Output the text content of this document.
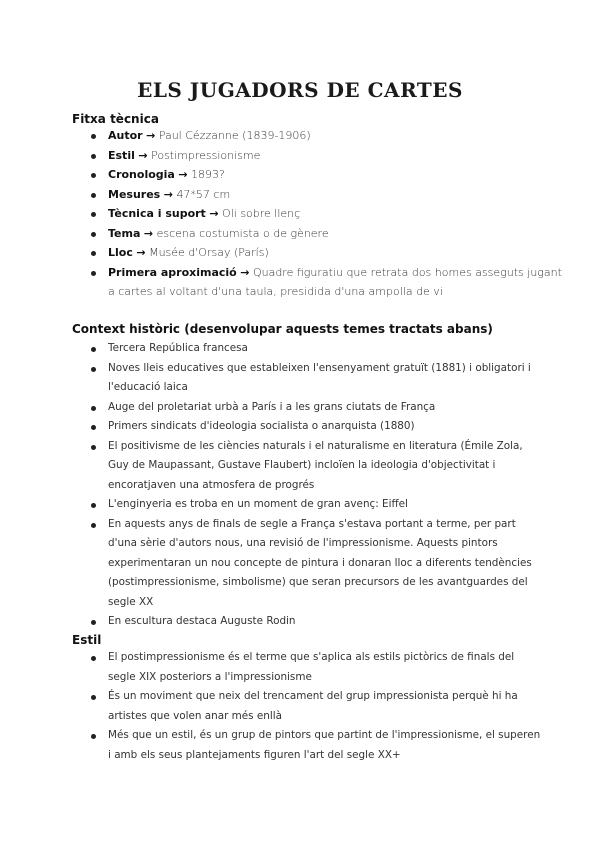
ELS JUGADORS DE CARTES
Fitxa tècnica
Autor → Paul Cézzanne (1839-1906)
Estil → Postimpressionisme
Cronologia → 1893?
Mesures → 47*57 cm
Tècnica i suport → Oli sobre llenç
Tema → escena costumista o de gènere
Lloc → Musée d'Orsay (París)
Primera aproximació → Quadre figuratiu que retrata dos homes asseguts jugant
a cartes al voltant d'una taula, presidida d'una ampolla de vi
Context històric (desenvolupar aquests temes tractats abans)
Tercera República francesa
Noves lleis educatives que estableixen l'ensenyament gratuït (1881) i obligatori i
l'educació laica
Auge del proletariat urbà a París i a les grans ciutats de França
Primers sindicats d'ideologia socialista o anarquista (1880)
El positivisme de les ciències naturals i el naturalisme en literatura (Émile Zola,
Guy de Maupassant, Gustave Flaubert) incloïen la ideologia d'objectivitat i
encoratjaven una atmosfera de progrés
L'enginyeria es troba en un moment de gran avenç: Eiffel
En aquests anys de finals de segle a França s'estava portant a terme, per part
d'una sèrie d'autors nous, una revisió de l'impressionisme. Aquests pintors
experimentaran un nou concepte de pintura i donaran lloc a diferents tendències
(postimpressionisme, simbolisme) que seran precursors de les avantguardes del
segle XX
En escultura destaca Auguste Rodin
Estil
El postimpressionisme és el terme que s'aplica als estils pictòrics de finals del
segle XIX posteriors a l'impressionisme
És un moviment que neix del trencament del grup impressionista perquè hi ha
artistes que volen anar més enllà
Més que un estil, és un grup de pintors que partint de l'impressionisme, el superen
i amb els seus plantejaments figuren l'art del segle XX+
